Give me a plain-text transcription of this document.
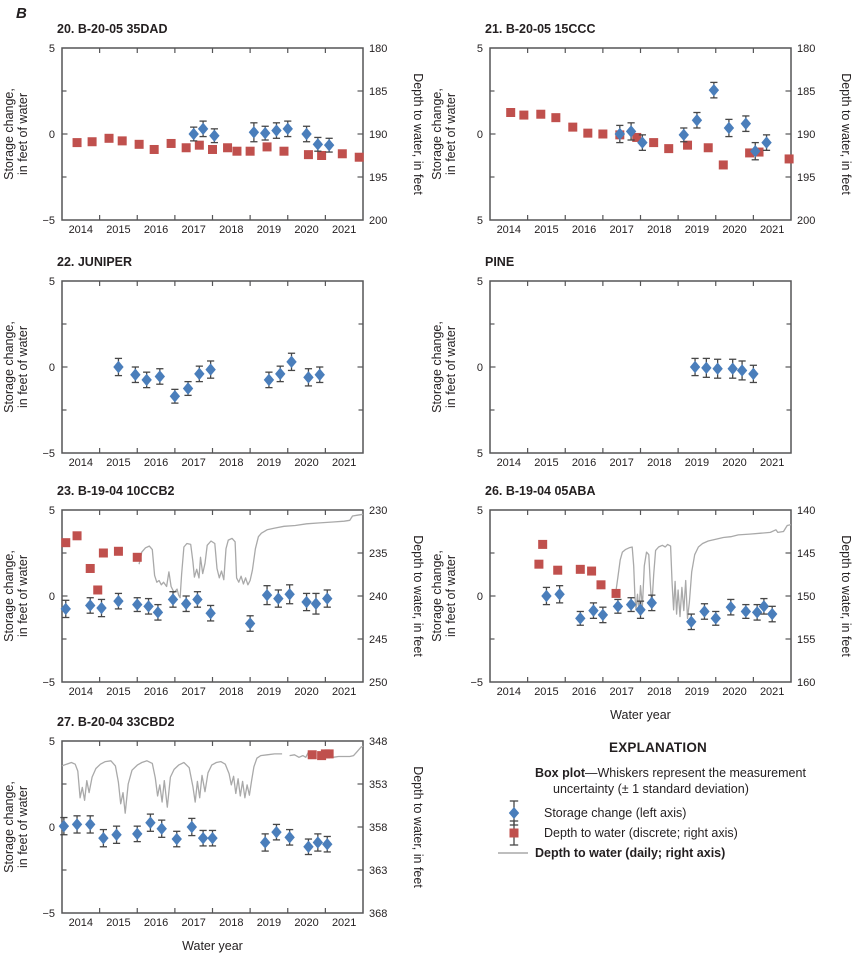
B
20. B-20-05 35DAD
5
0
−5
180
185
190
195
200
2014 2015 2016 2017 2018 2019 2020 2021
Storage change, in feet of water	Depth to water, in feet
21. B-20-05 15CCC
5
0
5
180
185
190
195
200
2014 2015 2016 2017 2018 2019 2020 2021
Storage change, in feet of water	Depth to water, in feet
22. JUNIPER
5
0
−5
2014 2015 2016 2017 2018 2019 2020 2021
Storage change, in feet of water
PINE
5
0
5
2014 2015 2016 2017 2018 2019 2020 2021
Storage change, in feet of water
23. B-19-04 10CCB2
5
0
−5
230
235
240
245
250
2014 2015 2016 2017 2018 2019 2020 2021
Storage change, in feet of water	Depth to water, in feet
26. B-19-04 05ABA
5
0
−5
140
145
150
155
160
2014 2015 2016 2017 2018 2019 2020 2021
Storage change, in feet of water	Depth to water, in feet
Water year
27. B-20-04 33CBD2
5
0
−5
348
353
358
363
368
2014 2015 2016 2017 2018 2019 2020 2021
Storage change, in feet of water	Depth to water, in feet
Water year
EXPLANATION
Box plot—Whiskers represent the measurement uncertainty (± 1 standard deviation)
Storage change (left axis)
Depth to water (discrete; right axis)
Depth to water (daily; right axis)
